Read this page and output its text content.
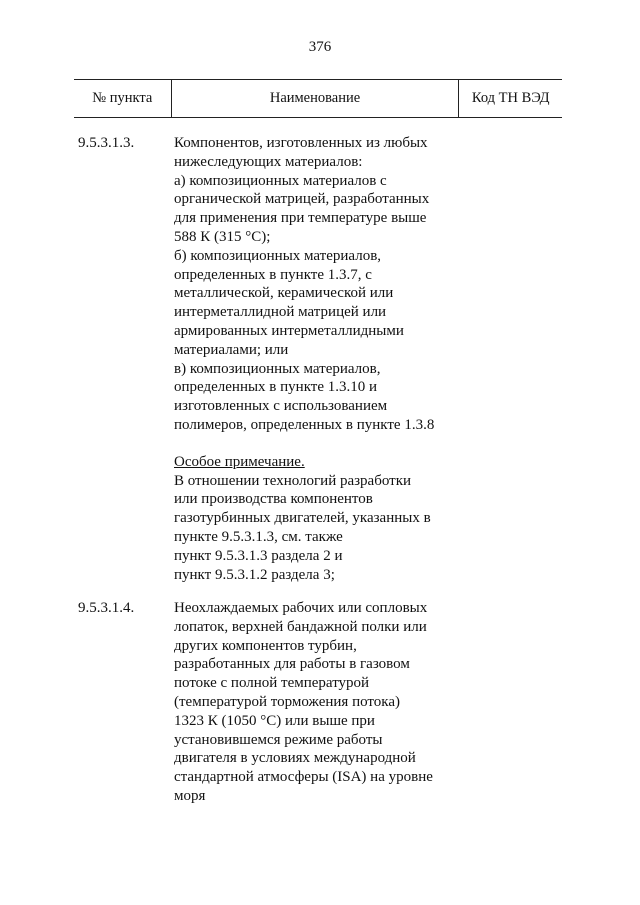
376
№ пункта	Наименование	Код ТН ВЭД
9.5.3.1.3.	Компонентов, изготовленных из любых
нижеследующих материалов:
а) композиционных материалов с
органической матрицей, разработанных
для применения при температуре выше
588 К (315 °С);
б) композиционных материалов,
определенных в пункте 1.3.7, с
металлической, керамической или
интерметаллидной матрицей или
армированных интерметаллидными
материалами; или
в) композиционных материалов,
определенных в пункте 1.3.10 и
изготовленных с использованием
полимеров, определенных в пункте 1.3.8
Особое примечание.
В отношении технологий разработки
или производства компонентов
газотурбинных двигателей, указанных в
пункте 9.5.3.1.3, см. также
пункт 9.5.3.1.3 раздела 2 и
пункт 9.5.3.1.2 раздела 3;
9.5.3.1.4.	Неохлаждаемых рабочих или сопловых
лопаток, верхней бандажной полки или
других компонентов турбин,
разработанных для работы в газовом
потоке с полной температурой
(температурой торможения потока)
1323 К (1050 °С) или выше при
установившемся режиме работы
двигателя в условиях международной
стандартной атмосферы (ISA) на уровне
моря
